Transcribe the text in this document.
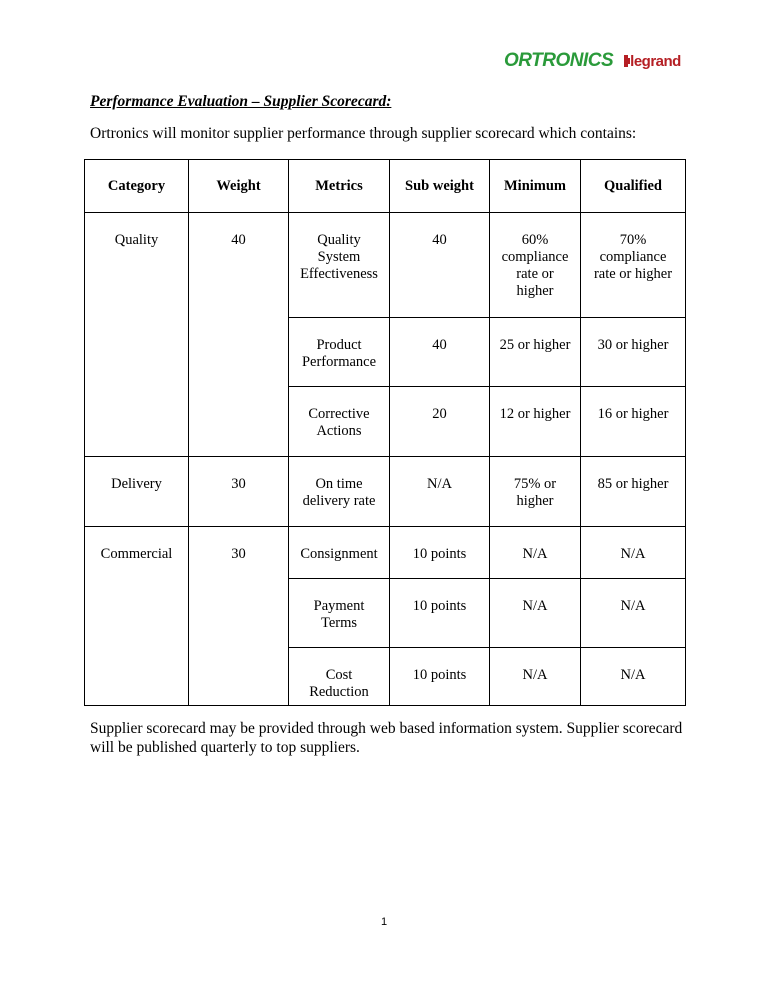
ORTRONICS legrand
Performance Evaluation – Supplier Scorecard:
Ortronics will monitor supplier performance through supplier scorecard which contains:
Category	Weight	Metrics	Sub weight	Minimum	Qualified
Quality	40	Quality System Effectiveness	40	60% compliance rate or higher	70% compliance rate or higher
		Product Performance	40	25 or higher	30 or higher
		Corrective Actions	20	12 or higher	16 or higher
Delivery	30	On time delivery rate	N/A	75% or higher	85 or higher
Commercial	30	Consignment	10 points	N/A	N/A
		Payment Terms	10 points	N/A	N/A
		Cost Reduction	10 points	N/A	N/A
Supplier scorecard may be provided through web based information system. Supplier scorecard will be published quarterly to top suppliers.
1
